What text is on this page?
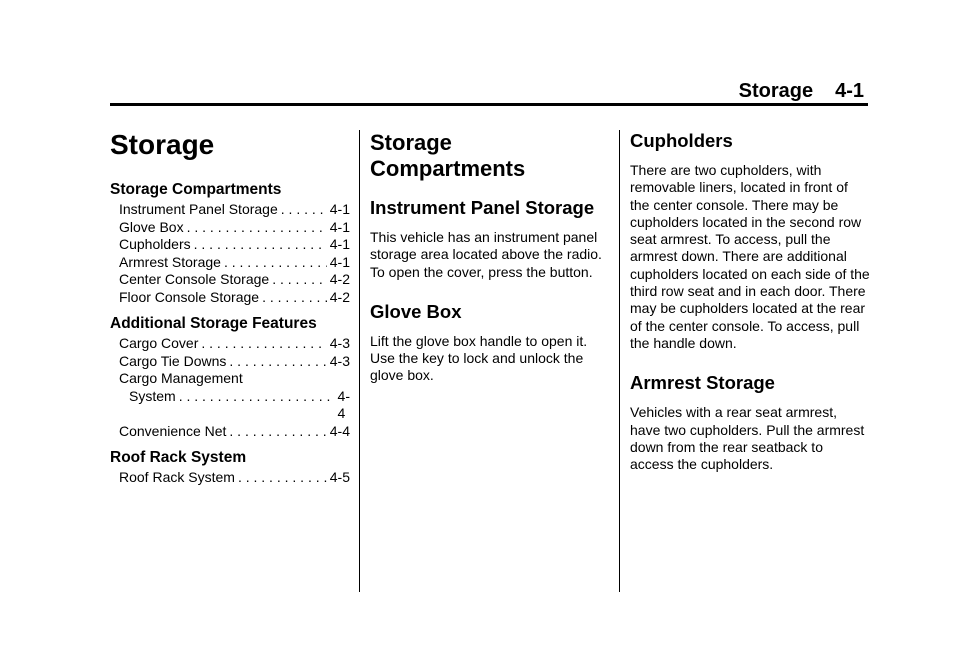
Storage 4-1
Storage
Storage Compartments
Instrument Panel Storage . . .	4-1
Glove Box . . .	4-1
Cupholders . . .	4-1
Armrest Storage . . .	4-1
Center Console Storage . . .	4-2
Floor Console Storage . . .	4-2
Additional Storage Features
Cargo Cover . . .	4-3
Cargo Tie Downs . . .	4-3
Cargo Management
System . . .	4-4
Convenience Net . . .	4-4
Roof Rack System
Roof Rack System . . .	4-5
Storage
Compartments
Instrument Panel Storage

This vehicle has an instrument panel storage area located above the radio. To open the cover, press the button.

Glove Box

Lift the glove box handle to open it. Use the key to lock and unlock the glove box.

Cupholders

There are two cupholders, with removable liners, located in front of the center console. There may be cupholders located in the second row seat armrest. To access, pull the armrest down. There are additional cupholders located on each side of the third row seat and in each door. There may be cupholders located at the rear of the center console. To access, pull the handle down.

Armrest Storage

Vehicles with a rear seat armrest, have two cupholders. Pull the armrest down from the rear seatback to access the cupholders.
